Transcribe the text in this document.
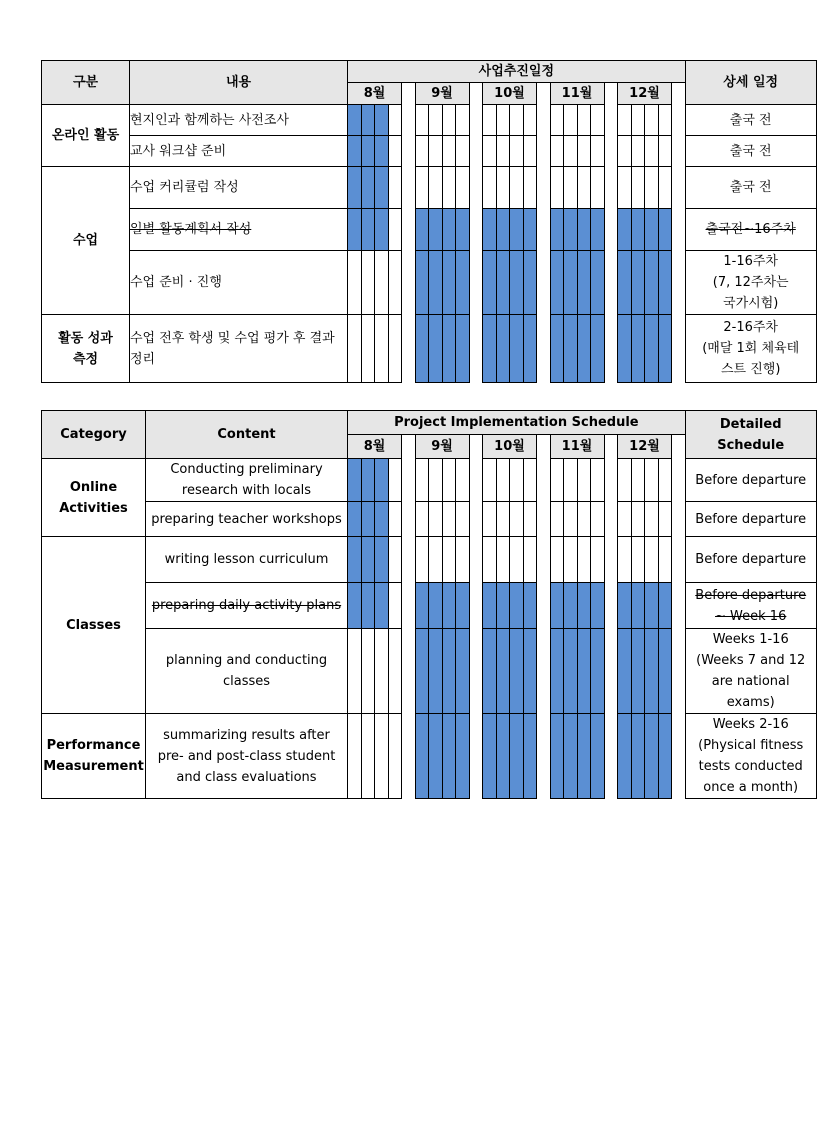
구분	내용	사업추진일정																									상세 일정
		8월					9월					10월					11월					12월					
온라인 활동	현지인과 함께하는 사전조사																										출국 전
	교사 워크샵 준비																										출국 전
수업	수업 커리큘럼 작성																										출국 전
	일별 활동계획서 작성																										출국전~16주차
	수업 준비 · 진행																										1-16주차
(7, 12주차는
국가시험)
활동 성과
측정	수업 전후 학생 및 수업 평가 후 결과정리																										2-16주차
(매달 1회 체육테
스트 진행)
Category	Content	Project Implementation Schedule																									Detailed Schedule
		8월					9월					10월					11월					12월					
Online
Activities	Conducting preliminary
research with locals																										Before departure
	preparing teacher workshops																										Before departure
Classes	writing lesson curriculum																										Before departure
	preparing daily activity plans																										Before departure
~ Week 16
	planning and conducting
classes																										Weeks 1-16
(Weeks 7 and 12
are national
exams)
Performance
Measurement	summarizing results after
pre- and post-class student
and class evaluations																										Weeks 2-16
(Physical fitness
tests conducted
once a month)
